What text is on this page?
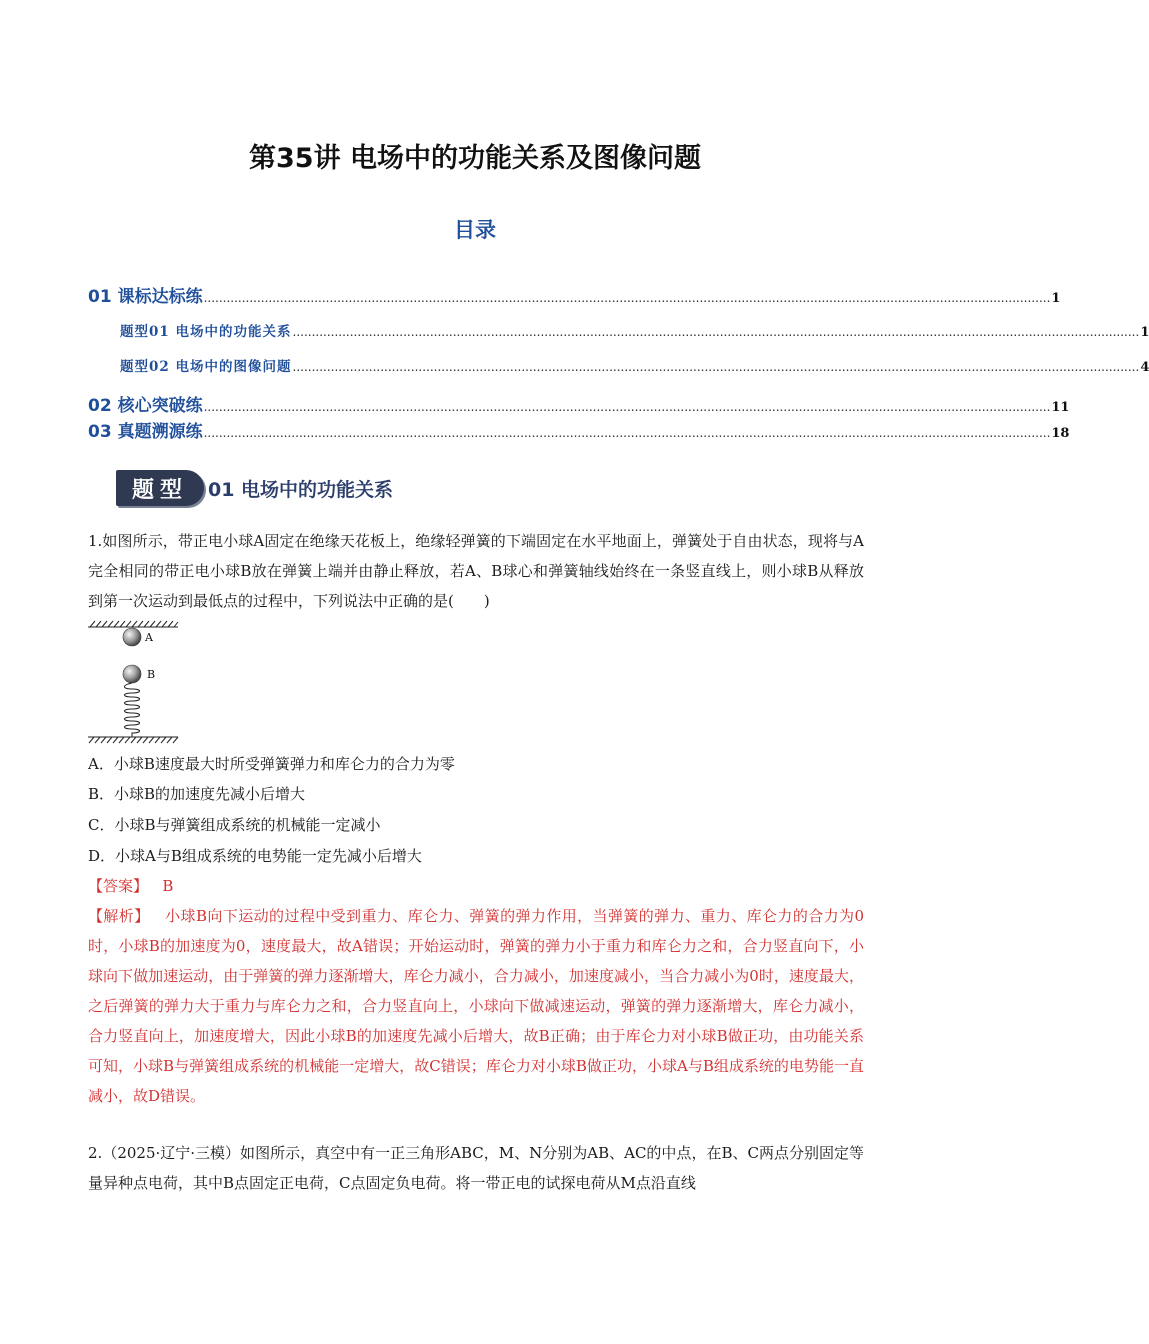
第35讲 电场中的功能关系及图像问题
目录
01 课标达标练 .............................................................................................................................................................................................................................. 1
题型01 电场中的功能关系 .............................................................................................................................................................................................................................. 1
题型02 电场中的图像问题 .............................................................................................................................................................................................................................. 4
02 核心突破练 .............................................................................................................................................................................................................................. 11
03 真题溯源练 .............................................................................................................................................................................................................................. 18
题型	01 电场中的功能关系
1.如图所示，带正电小球A固定在绝缘天花板上，绝缘轻弹簧的下端固定在水平地面上，弹簧处于自由状态，现将与A完全相同的带正电小球B放在弹簧上端并由静止释放，若A、B球心和弹簧轴线始终在一条竖直线上，则小球B从释放到第一次运动到最低点的过程中，下列说法中正确的是(　　)
A
B
A．小球B速度最大时所受弹簧弹力和库仑力的合力为零
B．小球B的加速度先减小后增大
C．小球B与弹簧组成系统的机械能一定减小
D．小球A与B组成系统的电势能一定先减小后增大
【答案】 B
【解析】 小球B向下运动的过程中受到重力、库仑力、弹簧的弹力作用，当弹簧的弹力、重力、库仑力的合力为0时，小球B的加速度为0，速度最大，故A错误；开始运动时，弹簧的弹力小于重力和库仑力之和，合力竖直向下，小球向下做加速运动，由于弹簧的弹力逐渐增大，库仑力减小，合力减小，加速度减小，当合力减小为0时，速度最大，之后弹簧的弹力大于重力与库仑力之和，合力竖直向上，小球向下做减速运动，弹簧的弹力逐渐增大，库仑力减小，合力竖直向上，加速度增大，因此小球B的加速度先减小后增大，故B正确；由于库仑力对小球B做正功，由功能关系可知，小球B与弹簧组成系统的机械能一定增大，故C错误；库仑力对小球B做正功，小球A与B组成系统的电势能一直减小，故D错误。
2.（2025·辽宁·三模）如图所示，真空中有一正三角形ABC，M、N分别为AB、AC的中点，在B、C两点分别固定等量异种点电荷，其中B点固定正电荷，C点固定负电荷。将一带正电的试探电荷从M点沿直线
